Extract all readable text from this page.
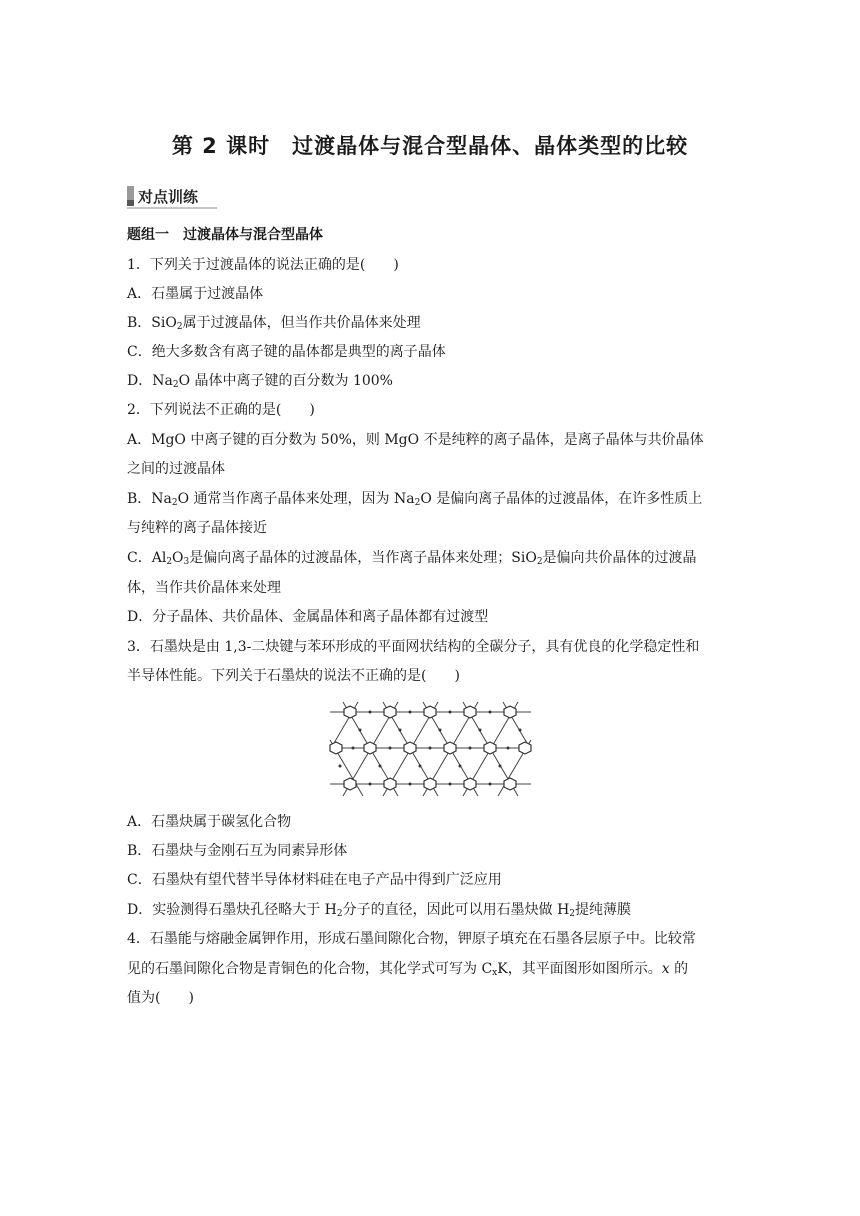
第 2 课时　过渡晶体与混合型晶体、晶体类型的比较
对点训练
题组一　过渡晶体与混合型晶体
1．下列关于过渡晶体的说法正确的是(　　)
A．石墨属于过渡晶体
B．SiO$_2$属于过渡晶体，但当作共价晶体来处理
C．绝大多数含有离子键的晶体都是典型的离子晶体
D．$Na_2O$ 晶体中离子键的百分数为 100%
2．下列说法不正确的是(　　)
A．MgO 中离子键的百分数为 50%，则 MgO 不是纯粹的离子晶体，是离子晶体与共价晶体
之间的过渡晶体
B．$Na_2O$ 通常当作离子晶体来处理，因为 $Na_2O$ 是偏向离子晶体的过渡晶体，在许多性质上
与纯粹的离子晶体接近
C．$Al_2O_3$是偏向离子晶体的过渡晶体，当作离子晶体来处理；SiO$_2$是偏向共价晶体的过渡晶
体，当作共价晶体来处理
D．分子晶体、共价晶体、金属晶体和离子晶体都有过渡型
3．石墨炔是由 1,3-二炔键与苯环形成的平面网状结构的全碳分子，具有优良的化学稳定性和
半导体性能。下列关于石墨炔的说法不正确的是(　　)
A．石墨炔属于碳氢化合物
B．石墨炔与金刚石互为同素异形体
C．石墨炔有望代替半导体材料硅在电子产品中得到广泛应用
D．实验测得石墨炔孔径略大于 $H_2$分子的直径，因此可以用石墨炔做 $H_2$提纯薄膜
4．石墨能与熔融金属钾作用，形成石墨间隙化合物，钾原子填充在石墨各层原子中。比较常
见的石墨间隙化合物是青铜色的化合物，其化学式可写为 $C_xK$，其平面图形如图所示。x 的
值为(　　)
